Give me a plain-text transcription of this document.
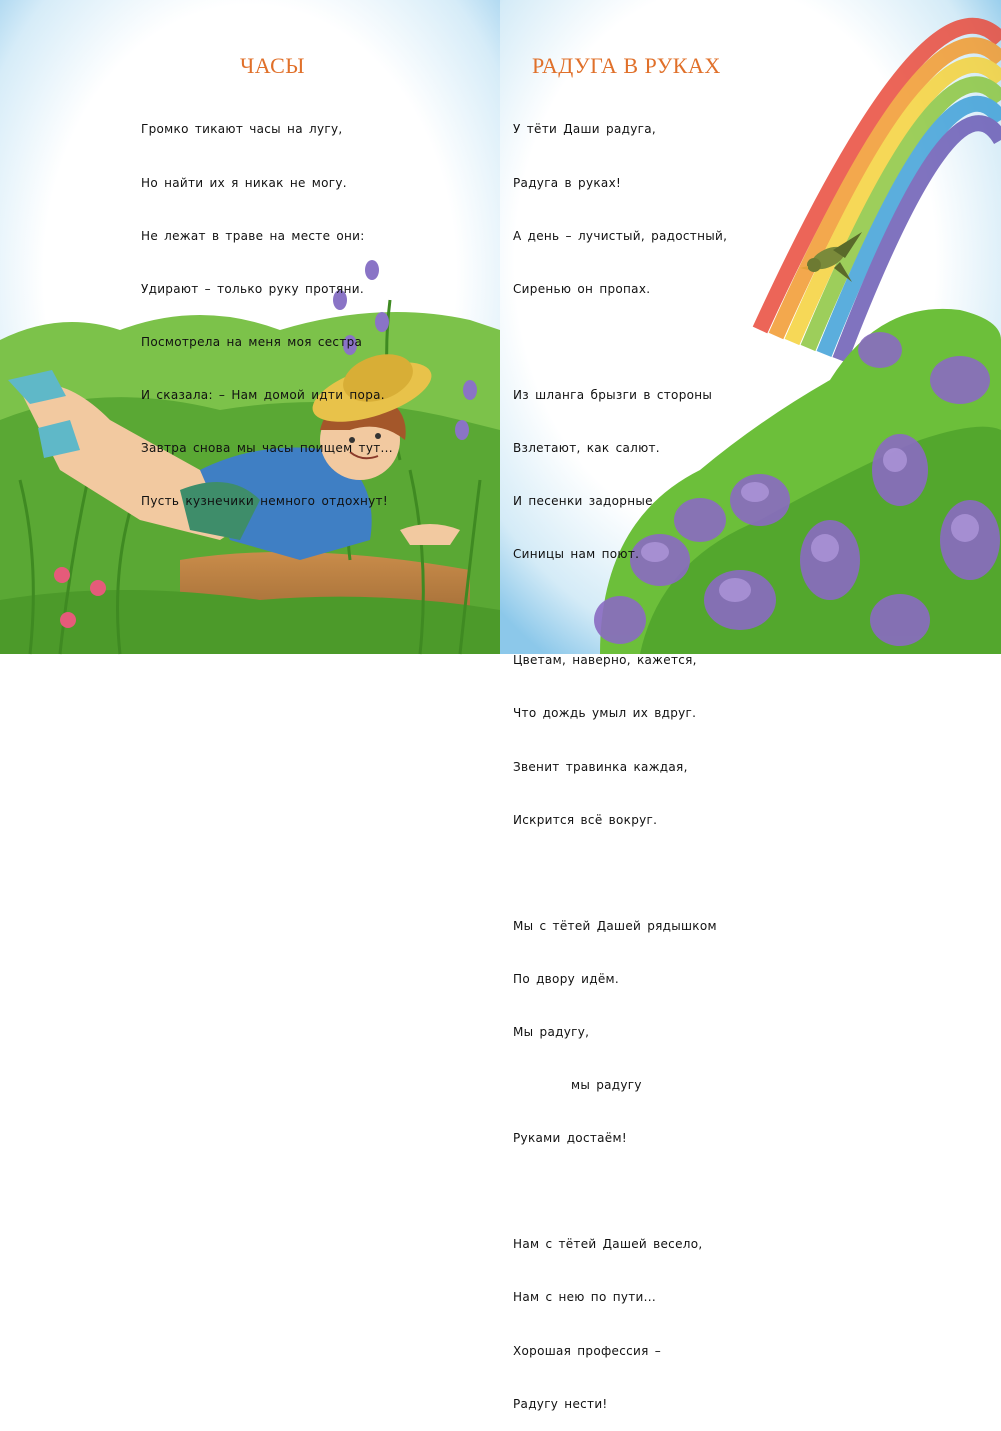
ЧАСЫ

Громко тикают часы на лугу,

Но найти их я никак не могу.

Не лежат в траве на месте они:

Удирают – только руку протяни.

Посмотрела на меня моя сестра

И сказала: – Нам домой идти пора.

Завтра снова мы часы поищем тут...

Пусть кузнечики немного отдохнут!

РАДУГА В РУКАХ

У тёти Даши радуга,

Радуга в руках!

А день – лучистый, радостный,

Сиренью он пропах.

Из шланга брызги в стороны

Взлетают, как салют.

И песенки задорные

Синицы нам поют.

Цветам, наверно, кажется,

Что дождь умыл их вдруг.

Звенит травинка каждая,

Искрится всё вокруг.

Мы с тётей Дашей рядышком

По двору идём.

Мы радугу,

мы радугу

Руками достаём!

Нам с тётей Дашей весело,

Нам с нею по пути...

Хорошая профессия –

Радугу нести!
